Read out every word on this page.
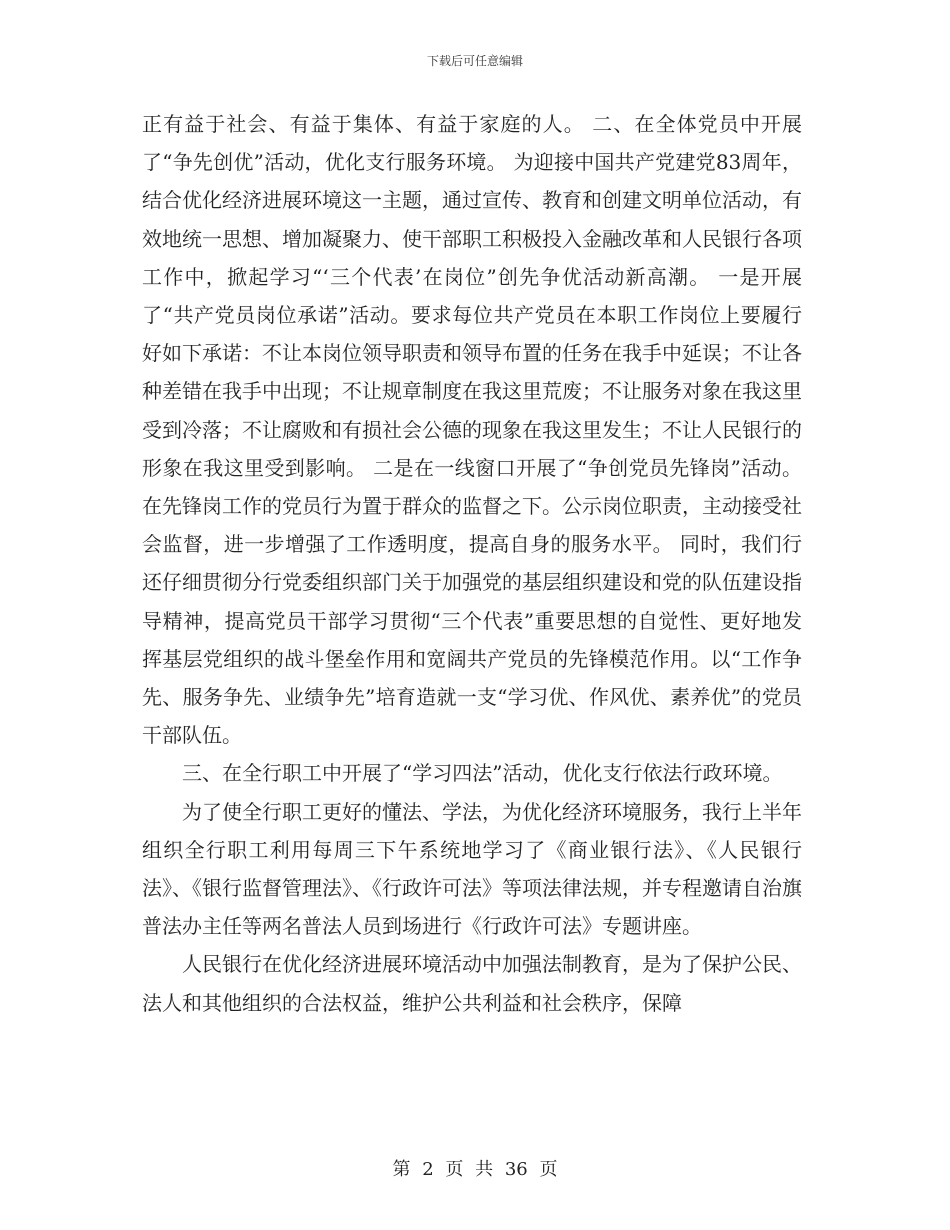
下载后可任意编辑

正有益于社会、有益于集体、有益于家庭的人。 二、在全体党员中开展了“争先创优”活动，优化支行服务环境。 为迎接中国共产党建党83周年，结合优化经济进展环境这一主题，通过宣传、教育和创建文明单位活动，有效地统一思想、增加凝聚力、使干部职工积极投入金融改革和人民银行各项工作中，掀起学习“‘三个代表’在岗位”创先争优活动新高潮。 一是开展了“共产党员岗位承诺”活动。要求每位共产党员在本职工作岗位上要履行好如下承诺：不让本岗位领导职责和领导布置的任务在我手中延误；不让各种差错在我手中出现；不让规章制度在我这里荒废；不让服务对象在我这里受到冷落；不让腐败和有损社会公德的现象在我这里发生；不让人民银行的形象在我这里受到影响。 二是在一线窗口开展了“争创党员先锋岗”活动。在先锋岗工作的党员行为置于群众的监督之下。公示岗位职责，主动接受社会监督，进一步增强了工作透明度，提高自身的服务水平。 同时，我们行还仔细贯彻分行党委组织部门关于加强党的基层组织建设和党的队伍建设指导精神，提高党员干部学习贯彻“三个代表”重要思想的自觉性、更好地发挥基层党组织的战斗堡垒作用和宽阔共产党员的先锋模范作用。以“工作争先、服务争先、业绩争先”培育造就一支“学习优、作风优、素养优”的党员干部队伍。

三、在全行职工中开展了“学习四法”活动，优化支行依法行政环境。

为了使全行职工更好的懂法、学法，为优化经济环境服务，我行上半年组织全行职工利用每周三下午系统地学习了《商业银行法》、《人民银行法》、《银行监督管理法》、《行政许可法》等项法律法规，并专程邀请自治旗普法办主任等两名普法人员到场进行《行政许可法》专题讲座。

人民银行在优化经济进展环境活动中加强法制教育，是为了保护公民、法人和其他组织的合法权益，维护公共利益和社会秩序，保障

第 2 页 共 36 页
